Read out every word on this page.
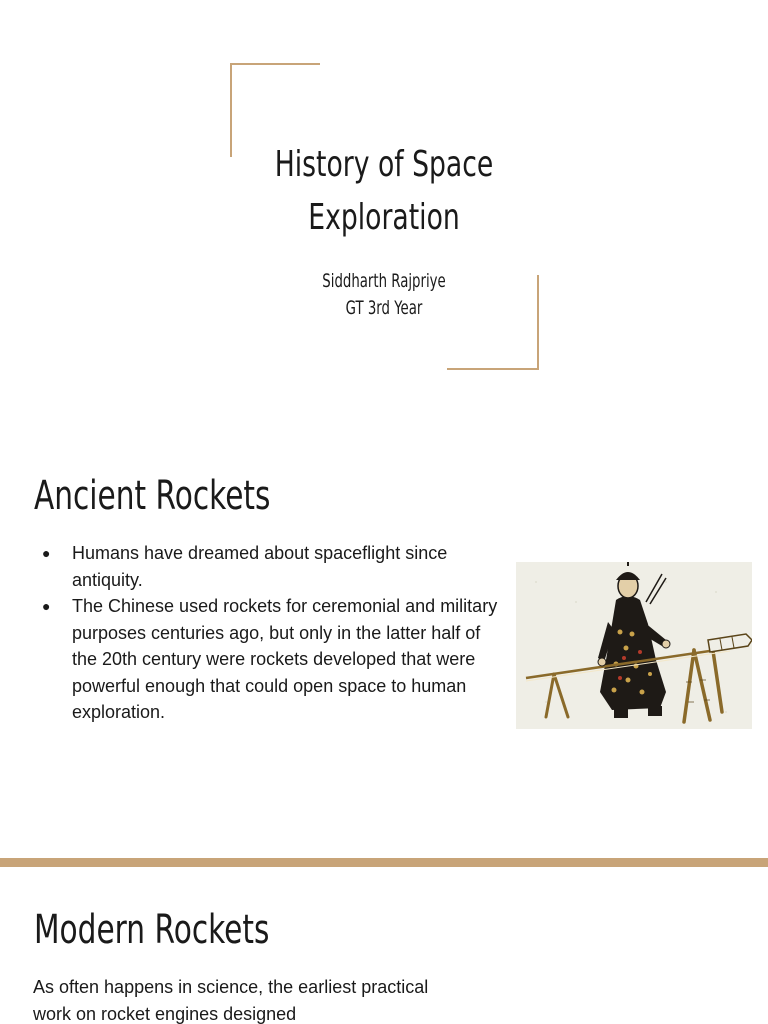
History of Space
Exploration
Siddharth Rajpriye
GT 3rd Year
Ancient Rockets
● Humans have dreamed about spaceflight since antiquity.
● The Chinese used rockets for ceremonial and military purposes centuries ago, but only in the latter half of the 20th century were rockets developed that were powerful enough that could open space to human exploration.
Modern Rockets
As often happens in science, the earliest practical work on rocket engines designed
